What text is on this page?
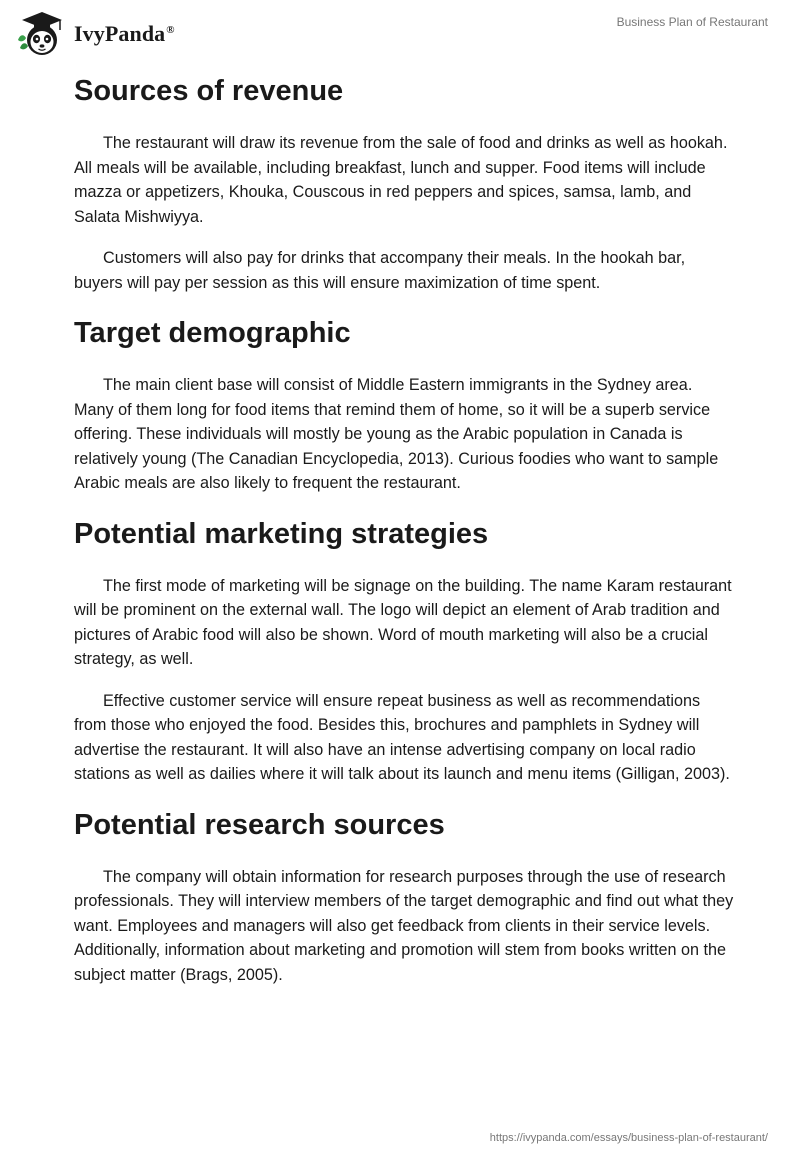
IvyPanda®
Business Plan of Restaurant
Sources of revenue

The restaurant will draw its revenue from the sale of food and drinks as well as hookah. All meals will be available, including breakfast, lunch and supper. Food items will include mazza or appetizers, Khouka, Couscous in red peppers and spices, samsa, lamb, and Salata Mishwiyya.

Customers will also pay for drinks that accompany their meals. In the hookah bar, buyers will pay per session as this will ensure maximization of time spent.

Target demographic

The main client base will consist of Middle Eastern immigrants in the Sydney area. Many of them long for food items that remind them of home, so it will be a superb service offering. These individuals will mostly be young as the Arabic population in Canada is relatively young (The Canadian Encyclopedia, 2013). Curious foodies who want to sample Arabic meals are also likely to frequent the restaurant.

Potential marketing strategies

The first mode of marketing will be signage on the building. The name Karam restaurant will be prominent on the external wall. The logo will depict an element of Arab tradition and pictures of Arabic food will also be shown. Word of mouth marketing will also be a crucial strategy, as well.

Effective customer service will ensure repeat business as well as recommendations from those who enjoyed the food. Besides this, brochures and pamphlets in Sydney will advertise the restaurant. It will also have an intense advertising company on local radio stations as well as dailies where it will talk about its launch and menu items (Gilligan, 2003).

Potential research sources

The company will obtain information for research purposes through the use of research professionals. They will interview members of the target demographic and find out what they want. Employees and managers will also get feedback from clients in their service levels. Additionally, information about marketing and promotion will stem from books written on the subject matter (Brags, 2005).

https://ivypanda.com/essays/business-plan-of-restaurant/
